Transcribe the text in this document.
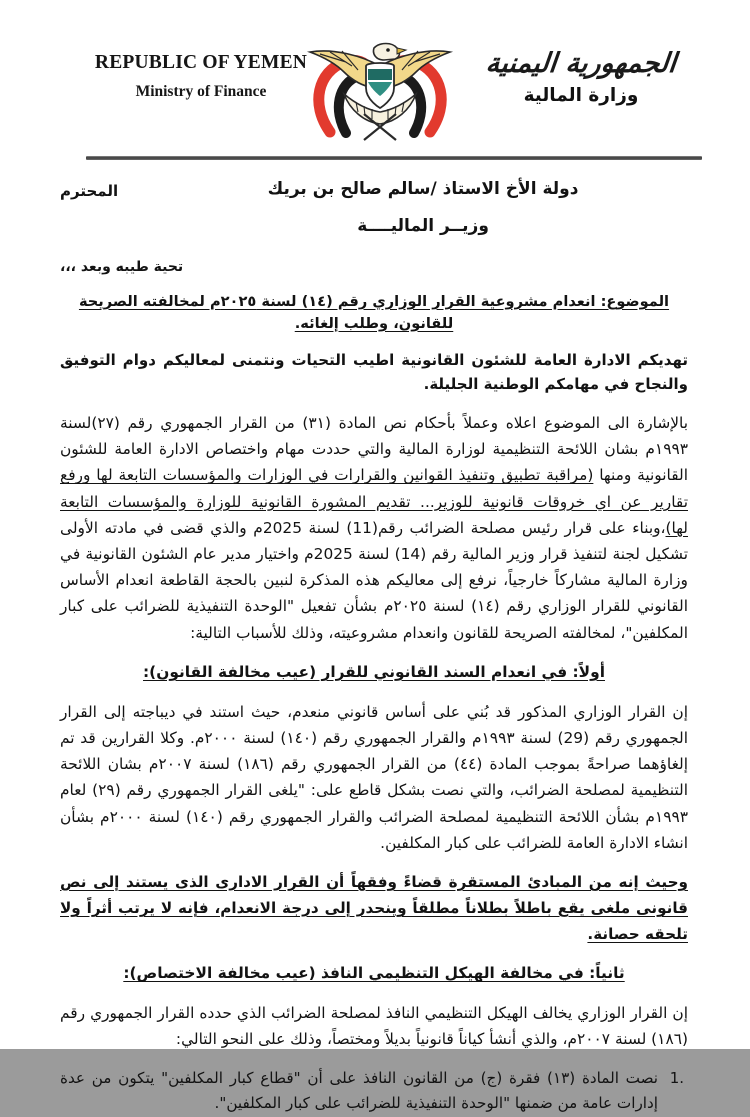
REPUBLIC OF YEMEN
Ministry of Finance
الجمهورية اليمنية
وزارة المالية
دولة الأخ الاستاذ /سالم صالح بن بريك
وزيــر الماليــــة
المحترم
تحية طيبه وبعد ،،،
الموضوع: انعدام مشروعية القرار الوزاري رقم (١٤) لسنة ٢٠٢٥م لمخالفته الصريحة للقانون، وطلب إلغائه.

تهديكم الادارة العامة للشئون القانونية اطيب التحيات ونتمنى لمعاليكم دوام التوفيق والنجاح في مهامكم الوطنية الجليلة.

بالإشارة الى الموضوع اعلاه وعملاً بأحكام نص المادة (٣١) من القرار الجمهوري رقم (٢٧)لسنة ١٩٩٣م بشان اللائحة التنظيمية لوزارة المالية والتي حددت مهام واختصاص الادارة العامة للشئون القانونية ومنها (مراقبة تطبيق وتنفيذ القوانين والقرارات في الوزارات والمؤسسات التابعة لها ورفع تقارير عن اي خروقات قانونية للوزير... تقديم المشورة القانونية للوزارة والمؤسسات التابعة لها)،وبناء على قرار رئيس مصلحة الضرائب رقم(11) لسنة 2025م والذي قضى في مادته الأولى تشكيل لجنة لتنفيذ قرار وزير المالية رقم (14) لسنة 2025م واختيار مدير عام الشئون القانونية في وزارة المالية مشاركاً خارجياً، نرفع إلى معاليكم هذه المذكرة لنبين بالحجة القاطعة انعدام الأساس القانوني للقرار الوزاري رقم (١٤) لسنة ٢٠٢٥م بشأن تفعيل "الوحدة التنفيذية للضرائب على كبار المكلفين"، لمخالفته الصريحة للقانون وانعدام مشروعيته، وذلك للأسباب التالية:

أولاً: في انعدام السند القانوني للقرار (عيب مخالفة القانون):

إن القرار الوزاري المذكور قد بُني على أساس قانوني منعدم، حيث استند في ديباجته إلى القرار الجمهوري رقم (29) لسنة ١٩٩٣م والقرار الجمهوري رقم (١٤٠) لسنة ٢٠٠٠م. وكلا القرارين قد تم إلغاؤهما صراحةً بموجب المادة (٤٤) من القرار الجمهوري رقم (١٨٦) لسنة ٢٠٠٧م بشان اللائحة التنظيمية لمصلحة الضرائب، والتي نصت بشكل قاطع على: "يلغى القرار الجمهوري رقم (٢٩) لعام ١٩٩٣م بشأن اللائحة التنظيمية لمصلحة الضرائب والقرار الجمهوري رقم (١٤٠) لسنة ٢٠٠٠م بشأن انشاء الادارة العامة للضرائب على كبار المكلفين.

وحيث إنه من المبادئ المستقرة قضاءً وفقهاً أن القرار الادارى الذى يستند إلى نص قانونى ملغى يقع باطلاً بطلاناً مطلقاً وينحدر إلى درجة الانعدام، فإنه لا يرتب أثراً ولا تلحقه حصانة.

ثانياً: في مخالفة الهيكل التنظيمي النافذ (عيب مخالفة الاختصاص):

إن القرار الوزاري يخالف الهيكل التنظيمي النافذ لمصلحة الضرائب الذي حدده القرار الجمهوري رقم (١٨٦) لسنة ٢٠٠٧م، والذي أنشأ كياناً قانونياً بديلاً ومختصاً، وذلك على النحو التالي:

1.
نصت المادة (١٣) فقرة (ج) من القانون النافذ على أن "قطاع كبار المكلفين" يتكون من عدة إدارات عامة من ضمنها "الوحدة التنفيذية للضرائب على كبار المكلفين".
